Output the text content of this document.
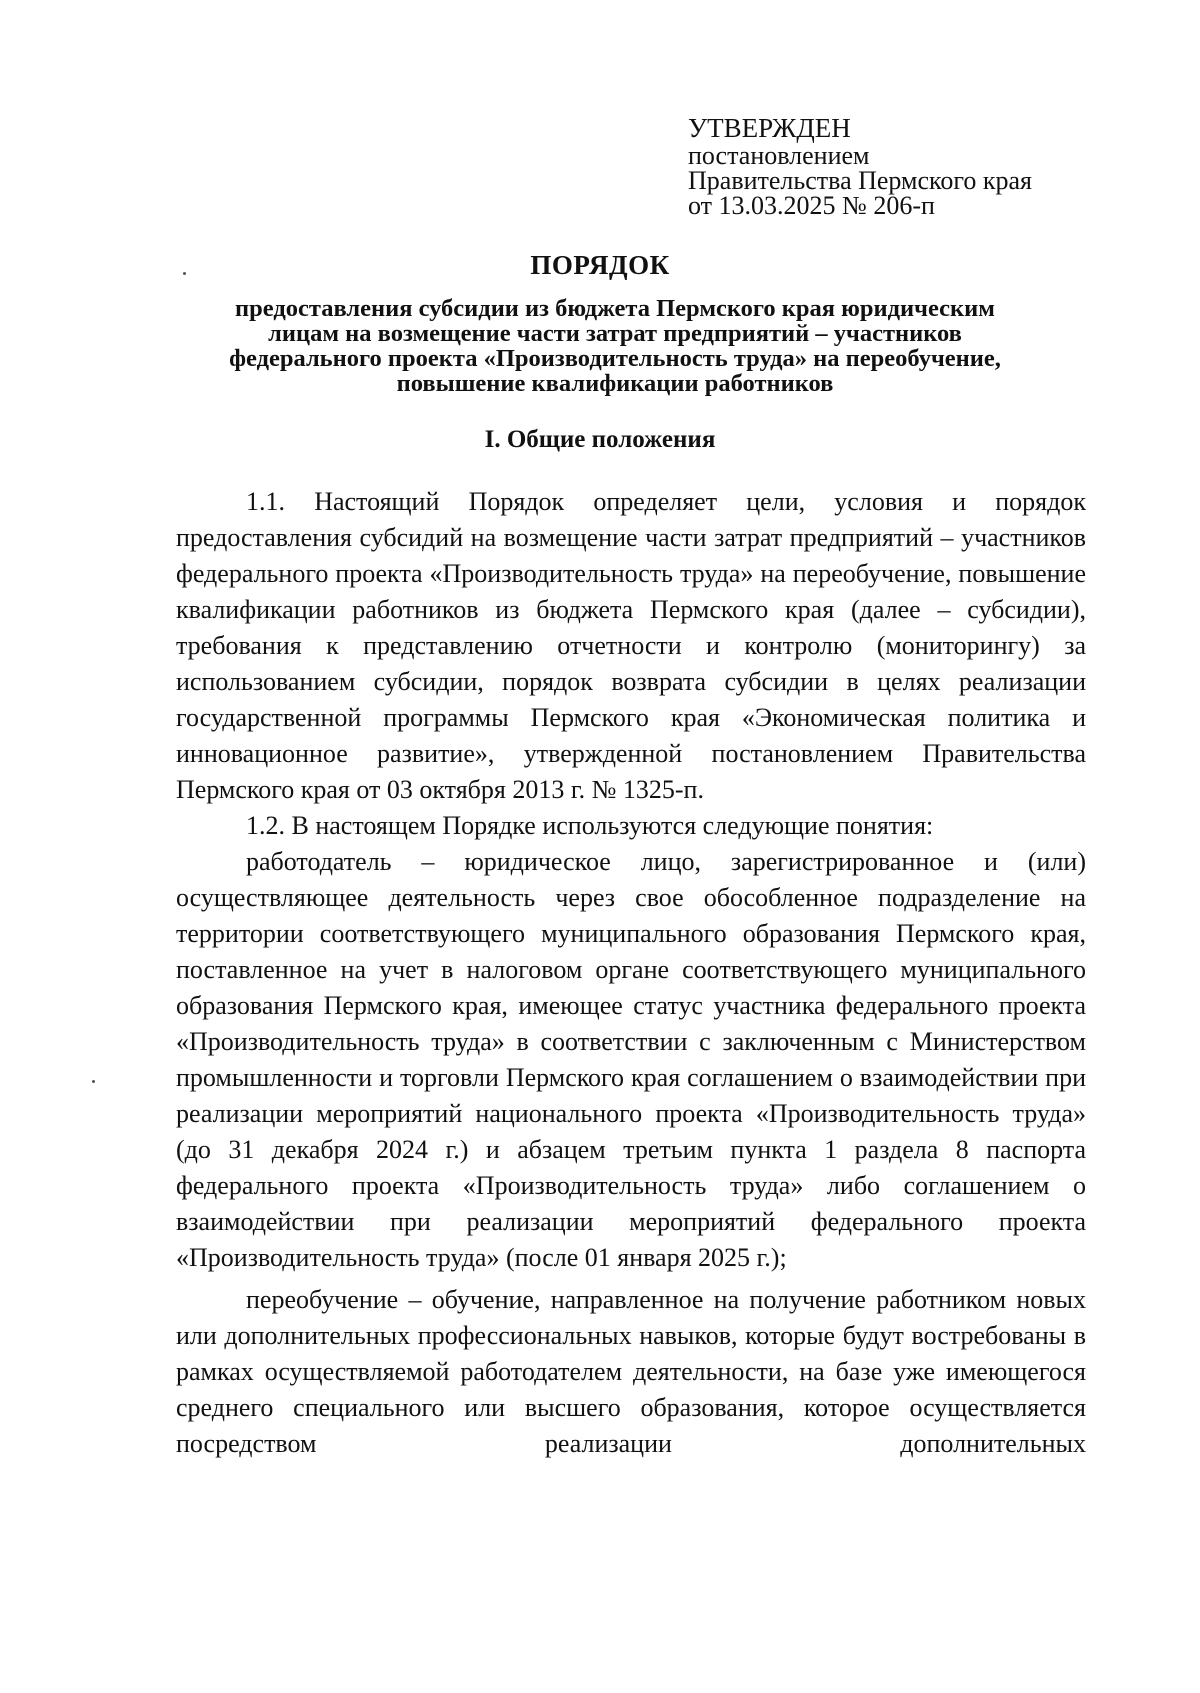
УТВЕРЖДЕН
постановлением
Правительства Пермского края
от 13.03.2025 № 206-п
ПОРЯДОК
предоставления субсидии из бюджета Пермского края юридическим
лицам на возмещение части затрат предприятий – участников
федерального проекта «Производительность труда» на переобучение,
повышение квалификации работников
I. Общие положения

1.1. Настоящий Порядок определяет цели, условия и порядок предоставления субсидий на возмещение части затрат предприятий – участников федерального проекта «Производительность труда» на переобучение, повышение квалификации работников из бюджета Пермского края (далее – субсидии), требования к представлению отчетности и контролю (мониторингу) за использованием субсидии, порядок возврата субсидии в целях реализации государственной программы Пермского края «Экономическая политика и инновационное развитие», утвержденной постановлением Правительства Пермского края от 03 октября 2013 г. № 1325-п.

1.2. В настоящем Порядке используются следующие понятия:

работодатель – юридическое лицо, зарегистрированное и (или) осуществляющее деятельность через свое обособленное подразделение на территории соответствующего муниципального образования Пермского края, поставленное на учет в налоговом органе соответствующего муниципального образования Пермского края, имеющее статус участника федерального проекта «Производительность труда» в соответствии с заключенным с Министерством промышленности и торговли Пермского края соглашением о взаимодействии при реализации мероприятий национального проекта «Производительность труда» (до 31 декабря 2024 г.) и абзацем третьим пункта 1 раздела 8 паспорта федерального проекта «Производительность труда» либо соглашением о взаимодействии при реализации мероприятий федерального проекта «Производительность труда» (после 01 января 2025 г.);

переобучение – обучение, направленное на получение работником новых или дополнительных профессиональных навыков, которые будут востребованы в рамках осуществляемой работодателем деятельности, на базе уже имеющегося среднего специального или высшего образования, которое осуществляется посредством реализации дополнительных
